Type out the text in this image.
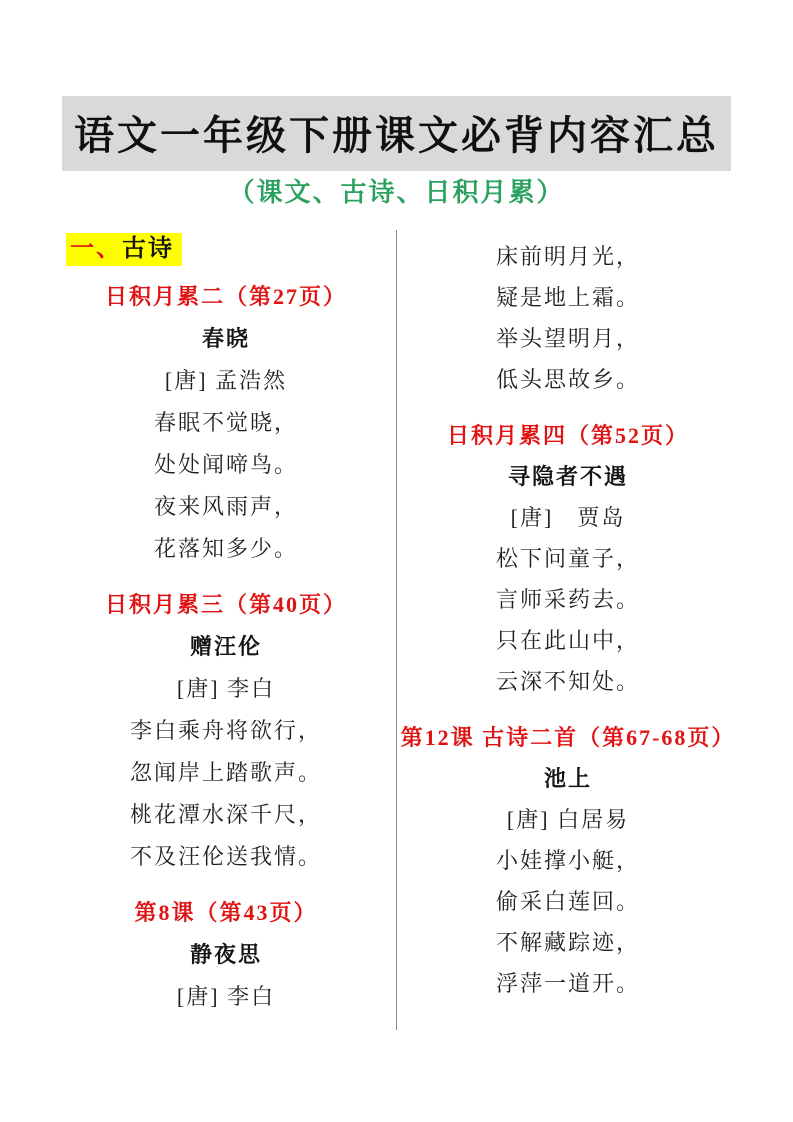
语文一年级下册课文必背内容汇总
（课文、古诗、日积月累）
一、古诗
日积月累二（第27页）
春晓
[唐] 孟浩然
春眠不觉晓，
处处闻啼鸟。
夜来风雨声，
花落知多少。
日积月累三（第40页）
赠汪伦
[唐] 李白
李白乘舟将欲行，
忽闻岸上踏歌声。
桃花潭水深千尺，
不及汪伦送我情。
第8课（第43页）
静夜思
[唐] 李白
床前明月光，
疑是地上霜。
举头望明月，
低头思故乡。
日积月累四（第52页）
寻隐者不遇
[唐]　贾岛
松下问童子，
言师采药去。
只在此山中，
云深不知处。
第12课 古诗二首（第67-68页）
池上
[唐] 白居易
小娃撑小艇，
偷采白莲回。
不解藏踪迹，
浮萍一道开。
